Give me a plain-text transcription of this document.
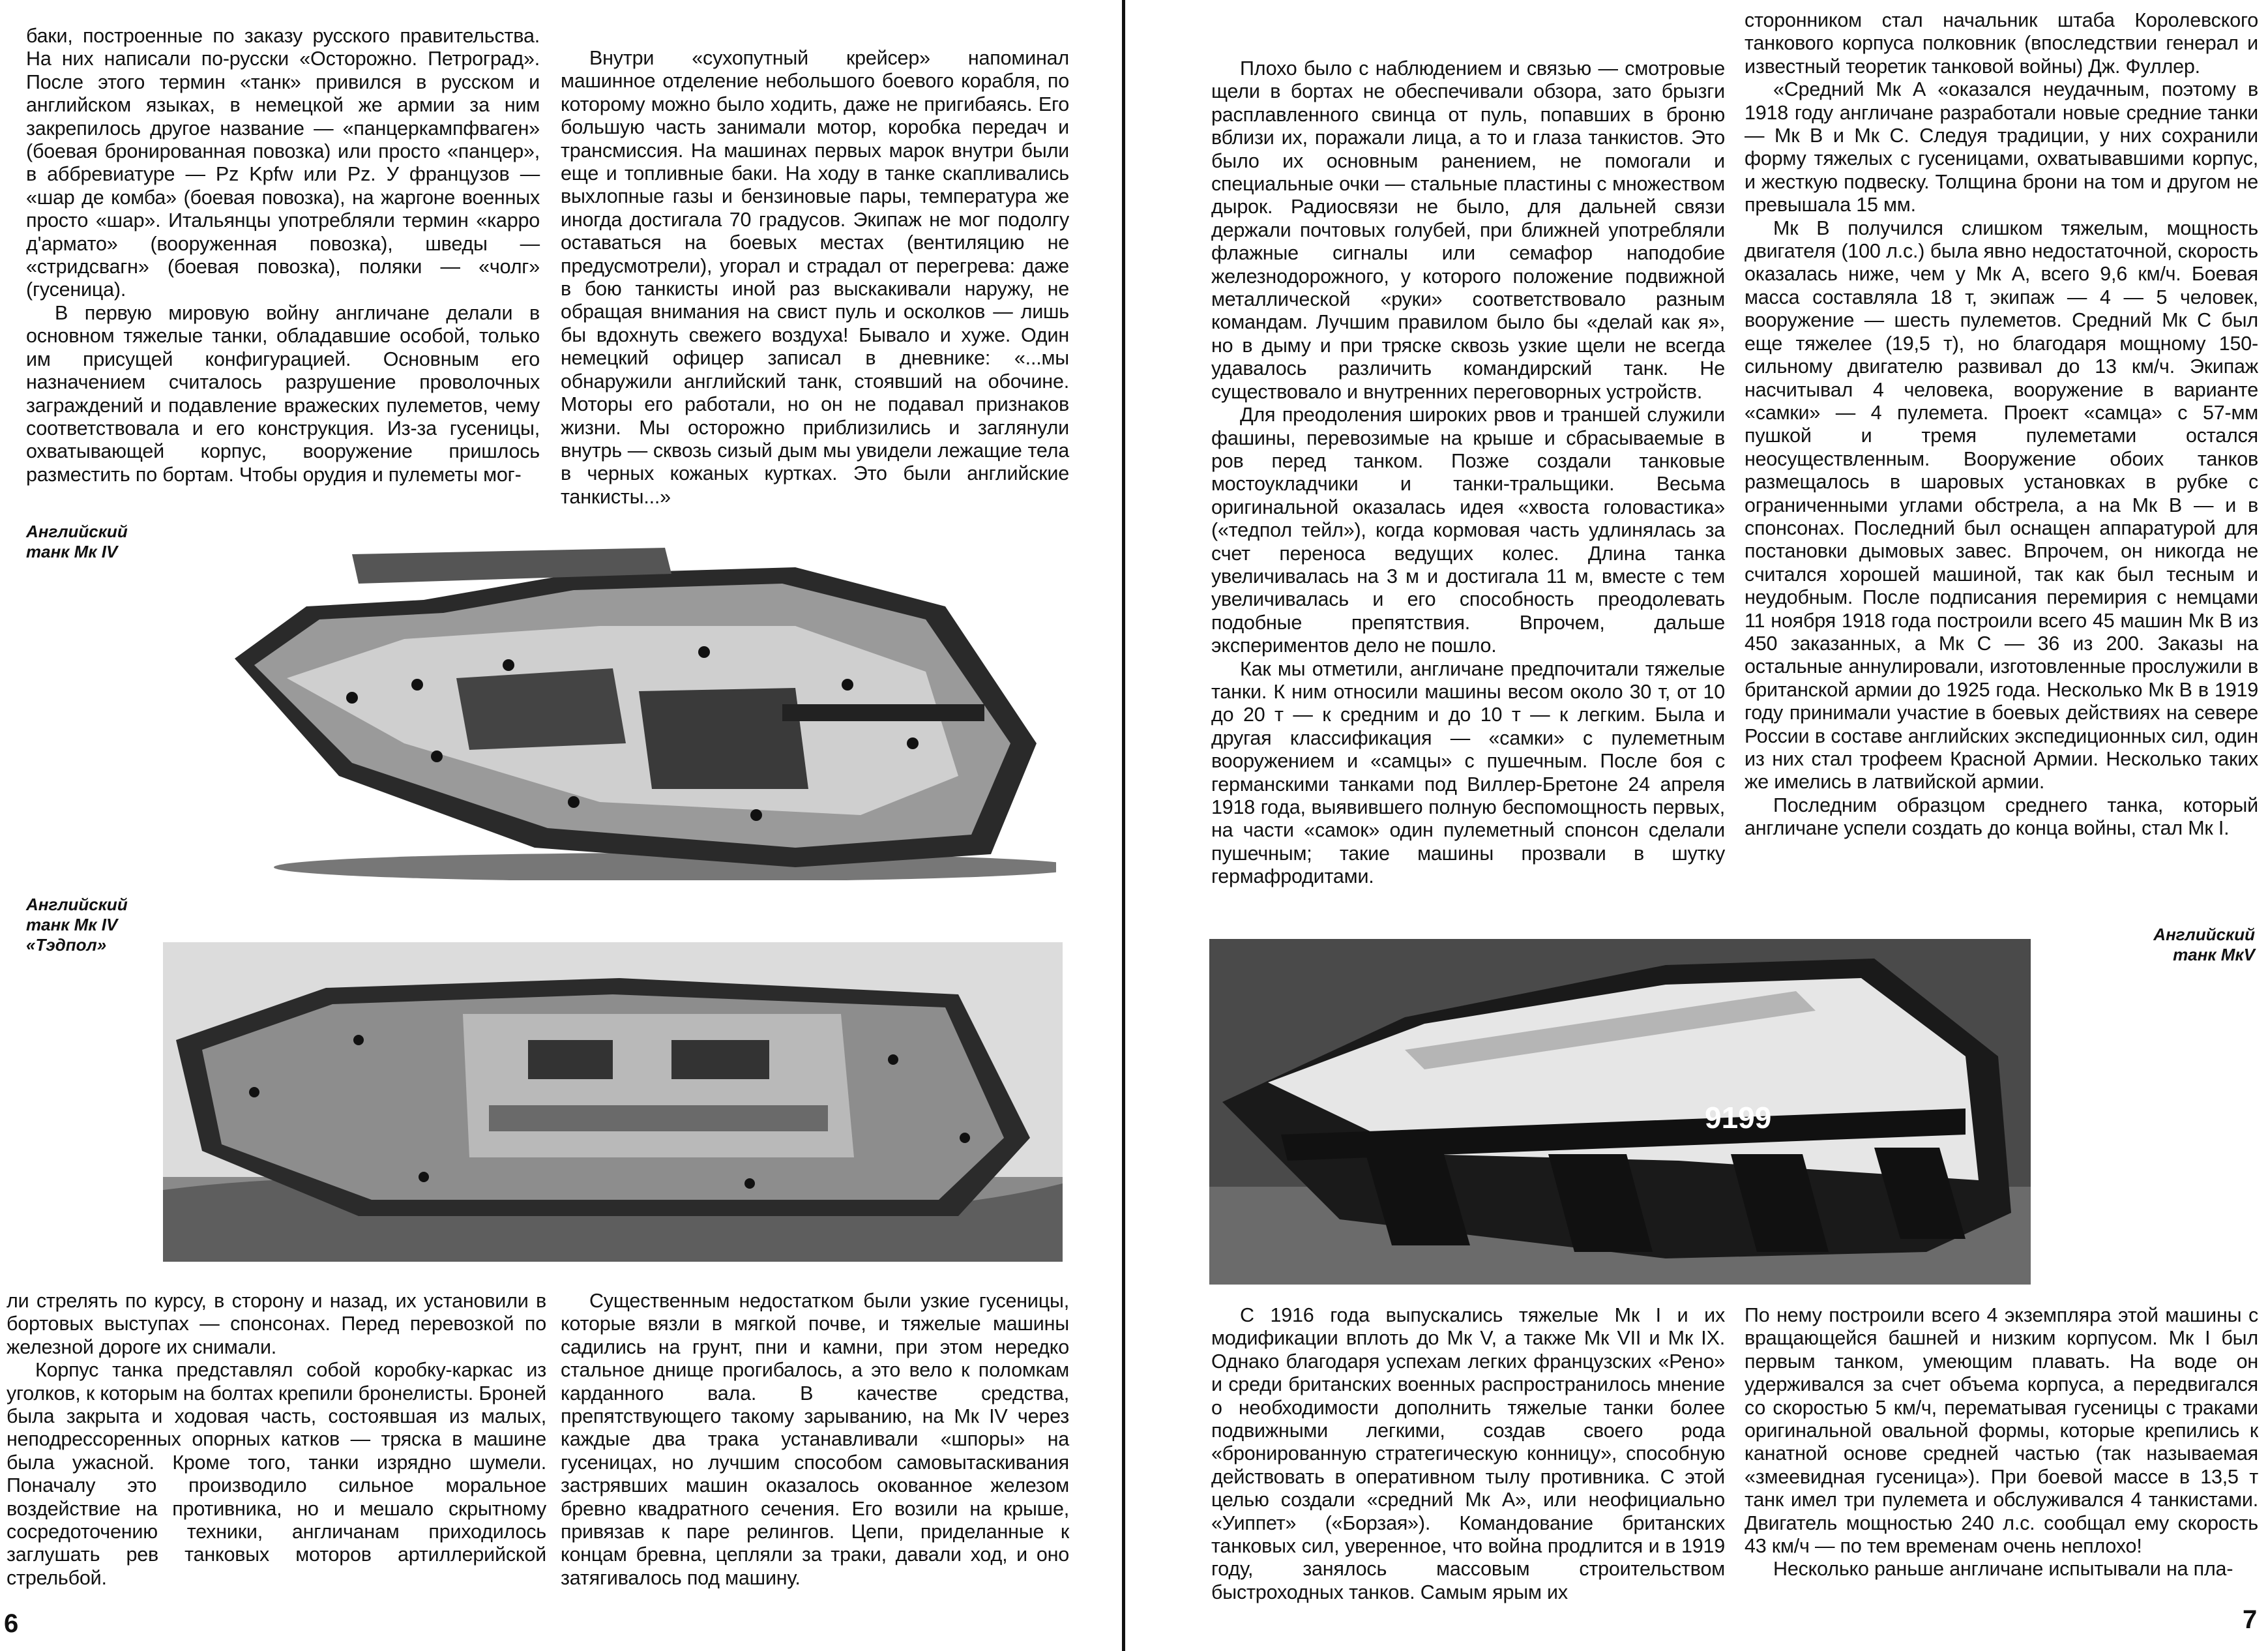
баки, построенные по заказу русского правительства. На них написали по-русски «Осторожно. Петроград». После этого термин «танк» привился в русском и английском языках, в немецкой же армии за ним закрепилось другое название — «панцеркампфваген» (боевая бронированная повозка) или просто «панцер», в аббревиатуре — Pz Kpfw или Pz. У французов — «шар де комба» (боевая повозка), на жаргоне военных просто «шар». Итальянцы употребляли термин «карро д'армато» (вооруженная повозка), шведы — «стридсвагн» (боевая повозка), поляки — «чолг» (гусеница).

В первую мировую войну англичане делали в основном тяжелые танки, обладавшие особой, только им присущей конфигурацией. Основным его назначением считалось разрушение проволочных заграждений и подавление вражеских пулеметов, чему соответствовала и его конструкция. Из-за гусеницы, охватывающей корпус, вооружение пришлось разместить по бортам. Чтобы орудия и пулеметы мог-

Внутри «сухопутный крейсер» напоминал машинное отделение небольшого боевого корабля, по которому можно было ходить, даже не пригибаясь. Его большую часть занимали мотор, коробка передач и трансмиссия. На машинах первых марок внутри были еще и топливные баки. На ходу в танке скапливались выхлопные газы и бензиновые пары, температура же иногда достигала 70 градусов. Экипаж не мог подолгу оставаться на боевых местах (вентиляцию не предусмотрели), угорал и страдал от перегрева: даже в бою танкисты иной раз выскакивали наружу, не обращая внимания на свист пуль и осколков — лишь бы вдохнуть свежего воздуха! Бывало и хуже. Один немецкий офицер записал в дневнике: «...мы обнаружили английский танк, стоявший на обочине. Моторы его работали, но он не подавал признаков жизни. Мы осторожно приблизились и заглянули внутрь — сквозь сизый дым мы увидели лежащие тела в черных кожаных куртках. Это были английские танкисты...»

Английский
танк Мк IV
Английский
танк Мк IV
«Тэдпол»

ли стрелять по курсу, в сторону и назад, их установили в бортовых выступах — спонсонах. Перед перевозкой по железной дороге их снимали.

Корпус танка представлял собой коробку-каркас из уголков, к которым на болтах крепили бронелисты. Броней была закрыта и ходовая часть, состоявшая из малых, неподрессоренных опорных катков — тряска в машине была ужасной. Кроме того, танки изрядно шумели. Поначалу это производило сильное моральное воздействие на противника, но и мешало скрытному сосредоточению техники, англичанам приходилось заглушать рев танковых моторов артиллерийской стрельбой.

Существенным недостатком были узкие гусеницы, которые вязли в мягкой почве, и тяжелые машины садились на грунт, пни и камни, при этом нередко стальное днище прогибалось, а это вело к поломкам карданного вала. В качестве средства, препятствующего такому зарыванию, на Мк IV через каждые два трака устанавливали «шпоры» на гусеницах, но лучшим способом самовытаскивания застрявших машин оказалось окованное железом бревно квадратного сечения. Его возили на крыше, привязав к паре релингов. Цепи, приделанные к концам бревна, цепляли за траки, давали ход, и оно затягивалось под машину.

6

Плохо было с наблюдением и связью — смотровые щели в бортах не обеспечивали обзора, зато брызги расплавленного свинца от пуль, попавших в броню вблизи их, поражали лица, а то и глаза танкистов. Это было их основным ранением, не помогали и специальные очки — стальные пластины с множеством дырок. Радиосвязи не было, для дальней связи держали почтовых голубей, при ближней употребляли флажные сигналы или семафор наподобие железнодорожного, у которого положение подвижной металлической «руки» соответствовало разным командам. Лучшим правилом было бы «делай как я», но в дыму и при тряске сквозь узкие щели не всегда удавалось различить командирский танк. Не существовало и внутренних переговорных устройств.

Для преодоления широких рвов и траншей служили фашины, перевозимые на крыше и сбрасываемые в ров перед танком. Позже создали танковые мостоукладчики и танки-тральщики. Весьма оригинальной оказалась идея «хвоста головастика» («тедпол тейл»), когда кормовая часть удлинялась за счет переноса ведущих колес. Длина танка увеличивалась на 3 м и достигала 11 м, вместе с тем увеличивалась и его способность преодолевать подобные препятствия. Впрочем, дальше экспериментов дело не пошло.

Как мы отметили, англичане предпочитали тяжелые танки. К ним относили машины весом около 30 т, от 10 до 20 т — к средним и до 10 т — к легким. Была и другая классификация — «самки» с пулеметным вооружением и «самцы» с пушечным. После боя с германскими танками под Виллер-Бретоне 24 апреля 1918 года, выявившего полную беспомощность первых, на части «самок» один пулеметный спонсон сделали пушечным; такие машины прозвали в шутку гермафродитами.

сторонником стал начальник штаба Королевского танкового корпуса полковник (впоследствии генерал и известный теоретик танковой войны) Дж. Фуллер.

«Средний Мк А «оказался неудачным, поэтому в 1918 году англичане разработали новые средние танки — Мк В и Мк С. Следуя традиции, у них сохранили форму тяжелых с гусеницами, охватывавшими корпус, и жесткую подвеску. Толщина брони на том и другом не превышала 15 мм.

Мк В получился слишком тяжелым, мощность двигателя (100 л.с.) была явно недостаточной, скорость оказалась ниже, чем у Мк А, всего 9,6 км/ч. Боевая масса составляла 18 т, экипаж — 4 — 5 человек, вооружение — шесть пулеметов. Средний Мк С был еще тяжелее (19,5 т), но благодаря мощному 150-сильному двигателю развивал до 13 км/ч. Экипаж насчитывал 4 человека, вооружение в варианте «самки» — 4 пулемета. Проект «самца» с 57-мм пушкой и тремя пулеметами остался неосуществленным. Вооружение обоих танков размещалось в шаровых установках в рубке с ограниченными углами обстрела, а на Мк В — и в спонсонах. Последний был оснащен аппаратурой для постановки дымовых завес. Впрочем, он никогда не считался хорошей машиной, так как был тесным и неудобным. После подписания перемирия с немцами 11 ноября 1918 года построили всего 45 машин Мк В из 450 заказанных, а Мк С — 36 из 200. Заказы на остальные аннулировали, изготовленные прослужили в британской армии до 1925 года. Несколько Мк В в 1919 году принимали участие в боевых действиях на севере России в составе английских экспедиционных сил, один из них стал трофеем Красной Армии. Несколько таких же имелись в латвийской армии.

Последним образцом среднего танка, который англичане успели создать до конца войны, стал Мк I.

Английский
танк МкV
9199

С 1916 года выпускались тяжелые Мк I и их модификации вплоть до Мк V, а также Мк VII и Мк IX. Однако благодаря успехам легких французских «Рено» и среди британских военных распространилось мнение о необходимости дополнить тяжелые танки более подвижными легкими, создав своего рода «бронированную стратегическую конницу», способную действовать в оперативном тылу противника. С этой целью создали «средний Мк А», или неофициально «Уиппет» («Борзая»). Командование британских танковых сил, уверенное, что война продлится и в 1919 году, занялось массовым строительством быстроходных танков. Самым ярым их

По нему построили всего 4 экземпляра этой машины с вращающейся башней и низким корпусом. Мк I был первым танком, умеющим плавать. На воде он удерживался за счет объема корпуса, а передвигался со скоростью 5 км/ч, перематывая гусеницы с траками оригинальной овальной формы, которые крепились к канатной основе средней частью (так называемая «змеевидная гусеница»). При боевой массе в 13,5 т танк имел три пулемета и обслуживался 4 танкистами. Двигатель мощностью 240 л.с. сообщал ему скорость 43 км/ч — по тем временам очень неплохо!

Несколько раньше англичане испытывали на пла-

7
